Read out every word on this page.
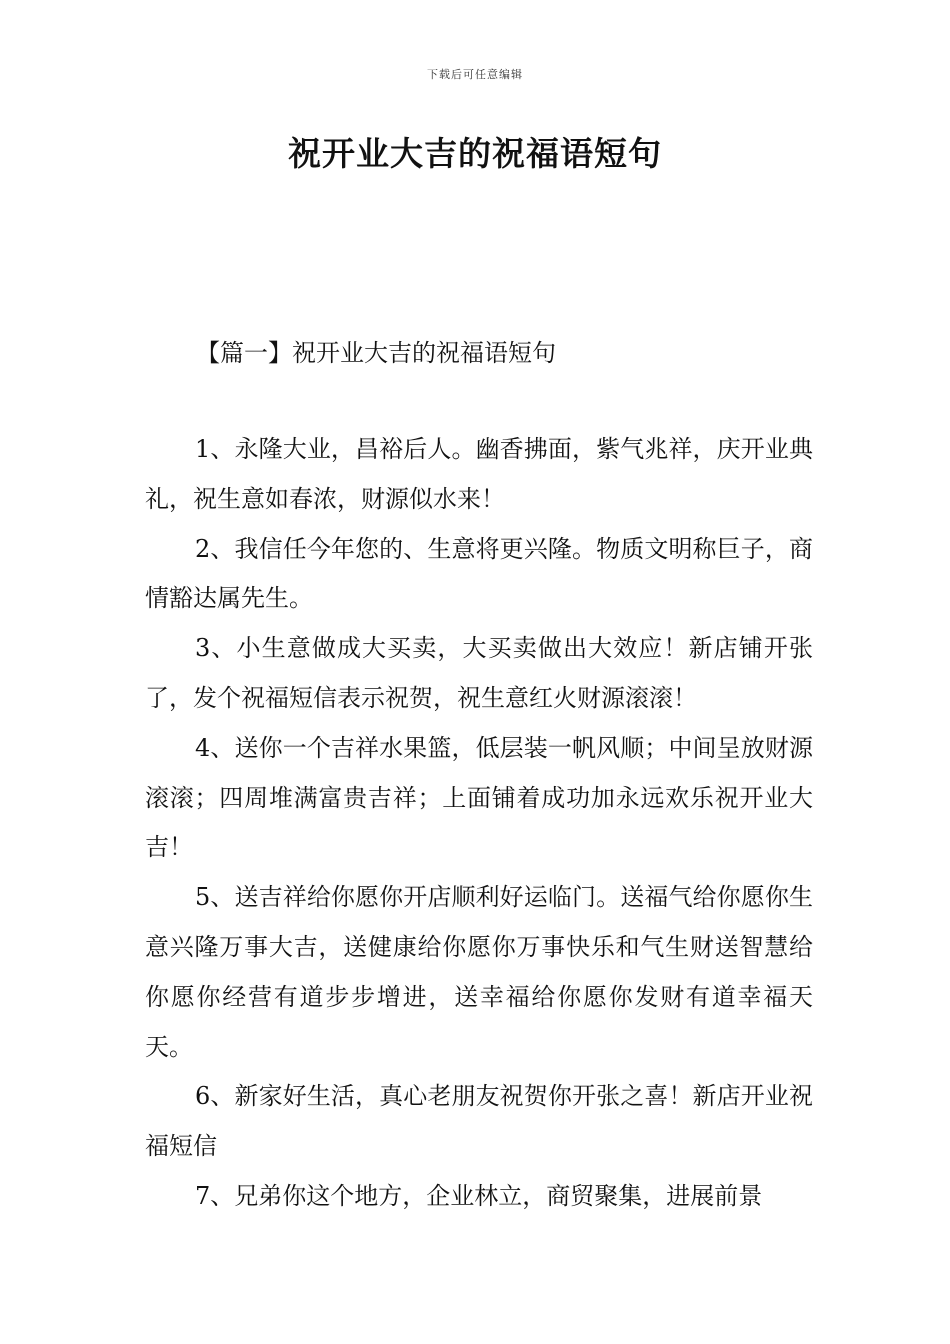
下载后可任意编辑
祝开业大吉的祝福语短句
【篇一】祝开业大吉的祝福语短句

1、永隆大业，昌裕后人。幽香拂面，紫气兆祥，庆开业典礼，祝生意如春浓，财源似水来！

2、我信任今年您的、生意将更兴隆。物质文明称巨子，商情豁达属先生。

3、小生意做成大买卖，大买卖做出大效应！新店铺开张了，发个祝福短信表示祝贺，祝生意红火财源滚滚！

4、送你一个吉祥水果篮，低层装一帆风顺；中间呈放财源滚滚；四周堆满富贵吉祥；上面铺着成功加永远欢乐祝开业大吉！

5、送吉祥给你愿你开店顺利好运临门。送福气给你愿你生意兴隆万事大吉，送健康给你愿你万事快乐和气生财送智慧给你愿你经营有道步步增进，送幸福给你愿你发财有道幸福天天。

6、新家好生活，真心老朋友祝贺你开张之喜！新店开业祝福短信

7、兄弟你这个地方，企业林立，商贸聚集，进展前景
